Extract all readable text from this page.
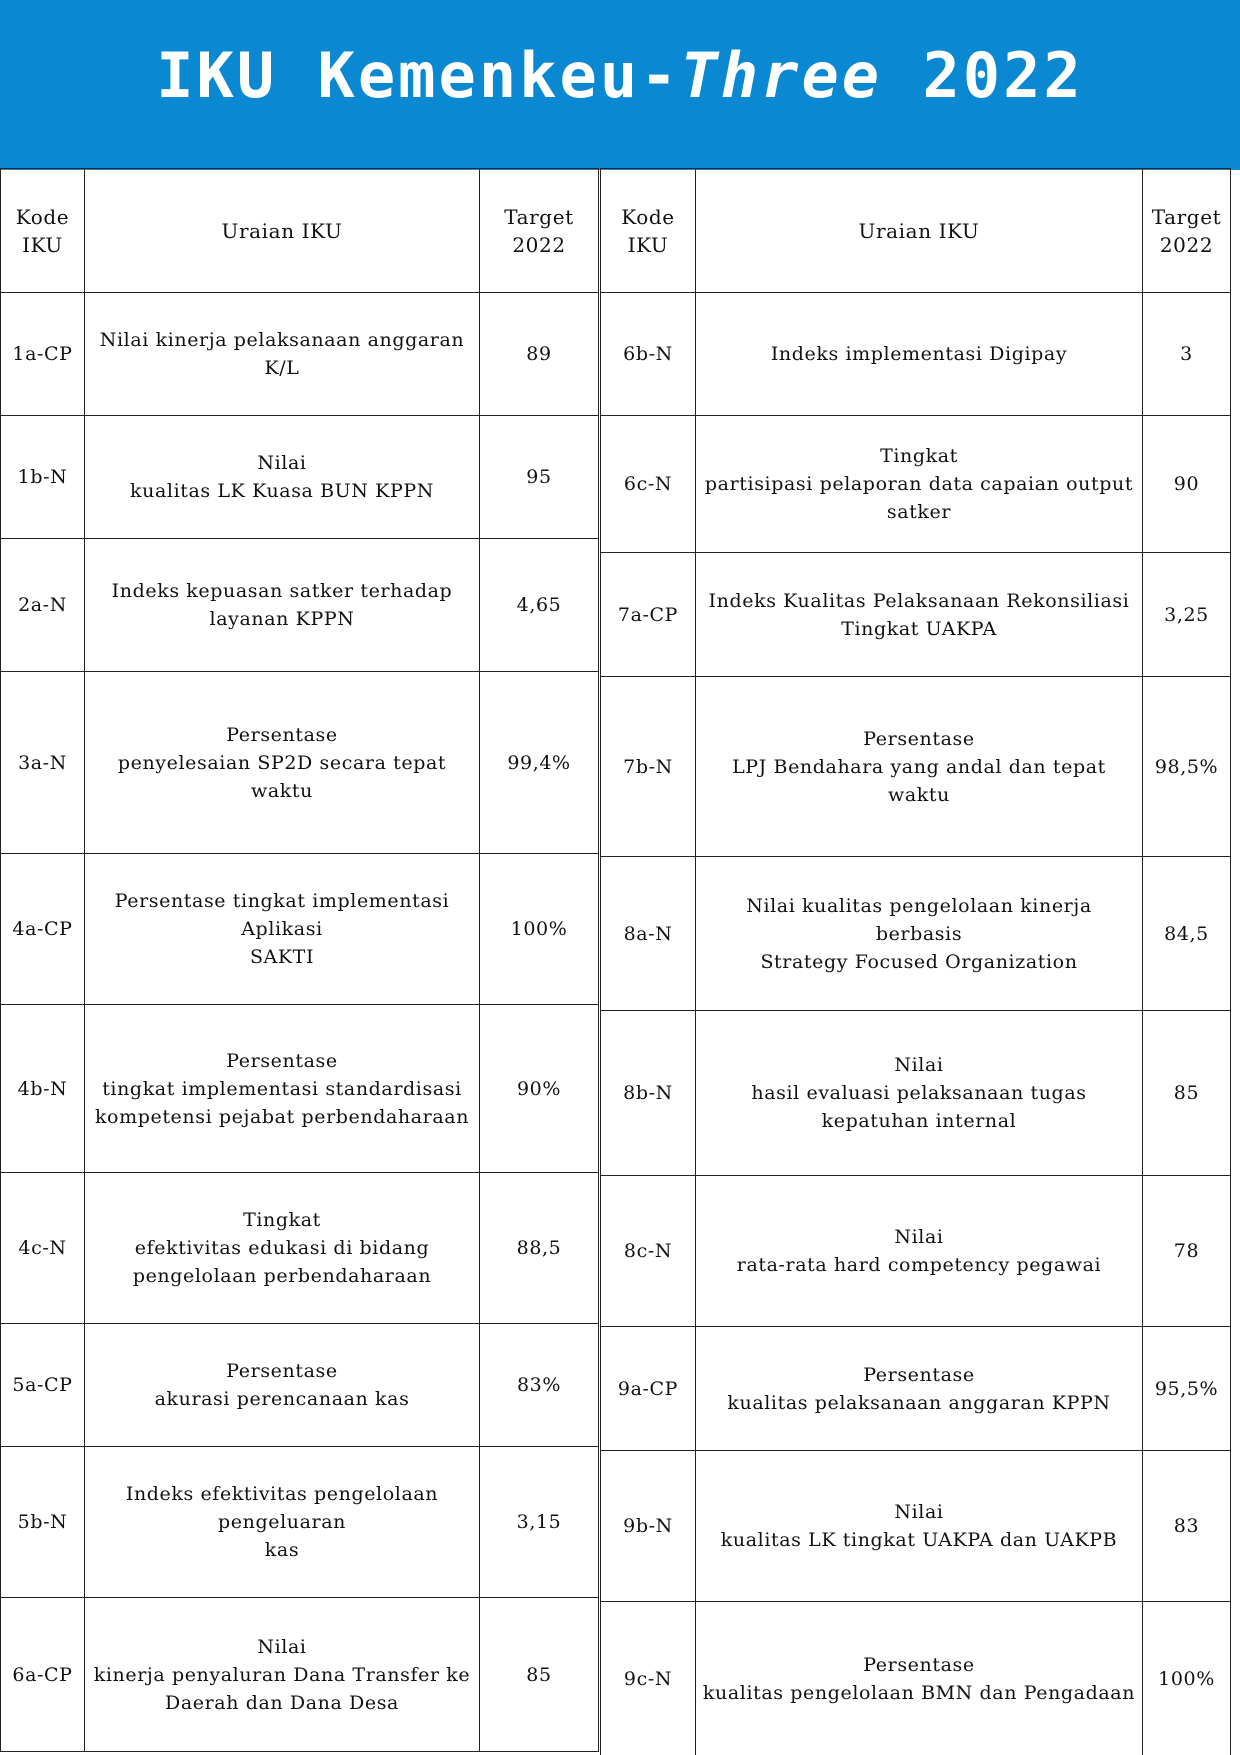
IKU Kemenkeu-Three 2022
Kode
IKU	Uraian IKU	Target
2022
1a-CP	Nilai kinerja pelaksanaan anggaran
K/L	89
1b-N	Nilai
kualitas LK Kuasa BUN KPPN	95
2a-N	Indeks kepuasan satker terhadap
layanan KPPN	4,65
3a-N	Persentase
penyelesaian SP2D secara tepat
waktu	99,4%
4a-CP	Persentase tingkat implementasi
Aplikasi
SAKTI	100%
4b-N	Persentase
tingkat implementasi standardisasi
kompetensi pejabat perbendaharaan	90%
4c-N	Tingkat
efektivitas edukasi di bidang
pengelolaan perbendaharaan	88,5
5a-CP	Persentase
akurasi perencanaan kas	83%
5b-N	Indeks efektivitas pengelolaan
pengeluaran
kas	3,15
6a-CP	Nilai
kinerja penyaluran Dana Transfer ke
Daerah dan Dana Desa	85
Kode
IKU	Uraian IKU	Target
2022
6b-N	Indeks implementasi Digipay	3
6c-N	Tingkat
partisipasi pelaporan data capaian output
satker	90
7a-CP	Indeks Kualitas Pelaksanaan Rekonsiliasi
Tingkat UAKPA	3,25
7b-N	Persentase
LPJ Bendahara yang andal dan tepat
waktu	98,5%
8a-N	Nilai kualitas pengelolaan kinerja berbasis
Strategy Focused Organization	84,5
8b-N	Nilai
hasil evaluasi pelaksanaan tugas
kepatuhan internal	85
8c-N	Nilai
rata-rata hard competency pegawai	78
9a-CP	Persentase
kualitas pelaksanaan anggaran KPPN	95,5%
9b-N	Nilai
kualitas LK tingkat UAKPA dan UAKPB	83
9c-N	Persentase
kualitas pengelolaan BMN dan Pengadaan	100%
